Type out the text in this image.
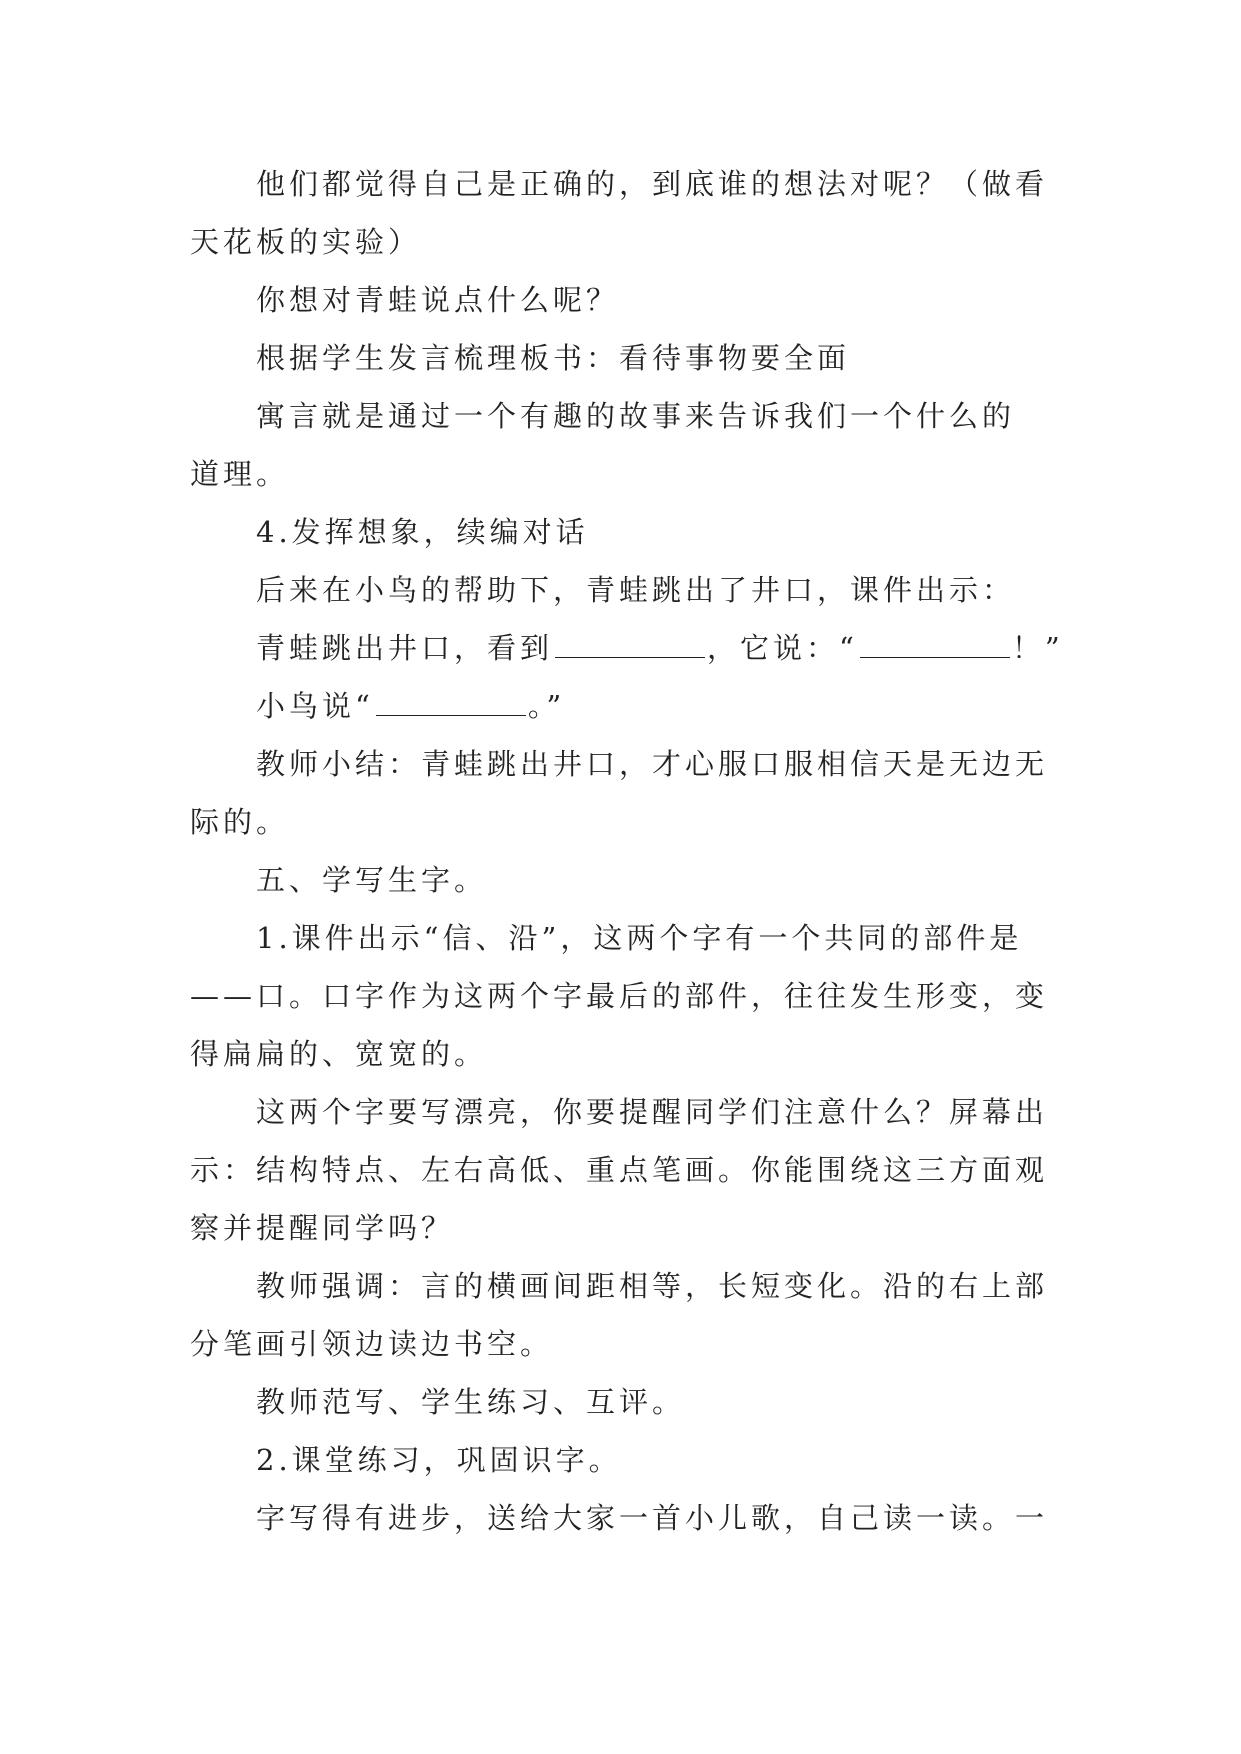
他们都觉得自己是正确的，到底谁的想法对呢？（做看
天花板的实验）
你想对青蛙说点什么呢？
根据学生发言梳理板书：看待事物要全面
寓言就是通过一个有趣的故事来告诉我们一个什么的
道理。
4.发挥想象，续编对话
后来在小鸟的帮助下，青蛙跳出了井口，课件出示：
青蛙跳出井口，看到	，它说：“	！”
小鸟说“	。”
教师小结：青蛙跳出井口，才心服口服相信天是无边无
际的。
五、学写生字。
1.课件出示“信、沿”，这两个字有一个共同的部件是
——口。口字作为这两个字最后的部件，往往发生形变，变
得扁扁的、宽宽的。
这两个字要写漂亮，你要提醒同学们注意什么？屏幕出
示：结构特点、左右高低、重点笔画。你能围绕这三方面观
察并提醒同学吗？
教师强调：言的横画间距相等，长短变化。沿的右上部
分笔画引领边读边书空。
教师范写、学生练习、互评。
2.课堂练习，巩固识字。
字写得有进步，送给大家一首小儿歌，自己读一读。一
